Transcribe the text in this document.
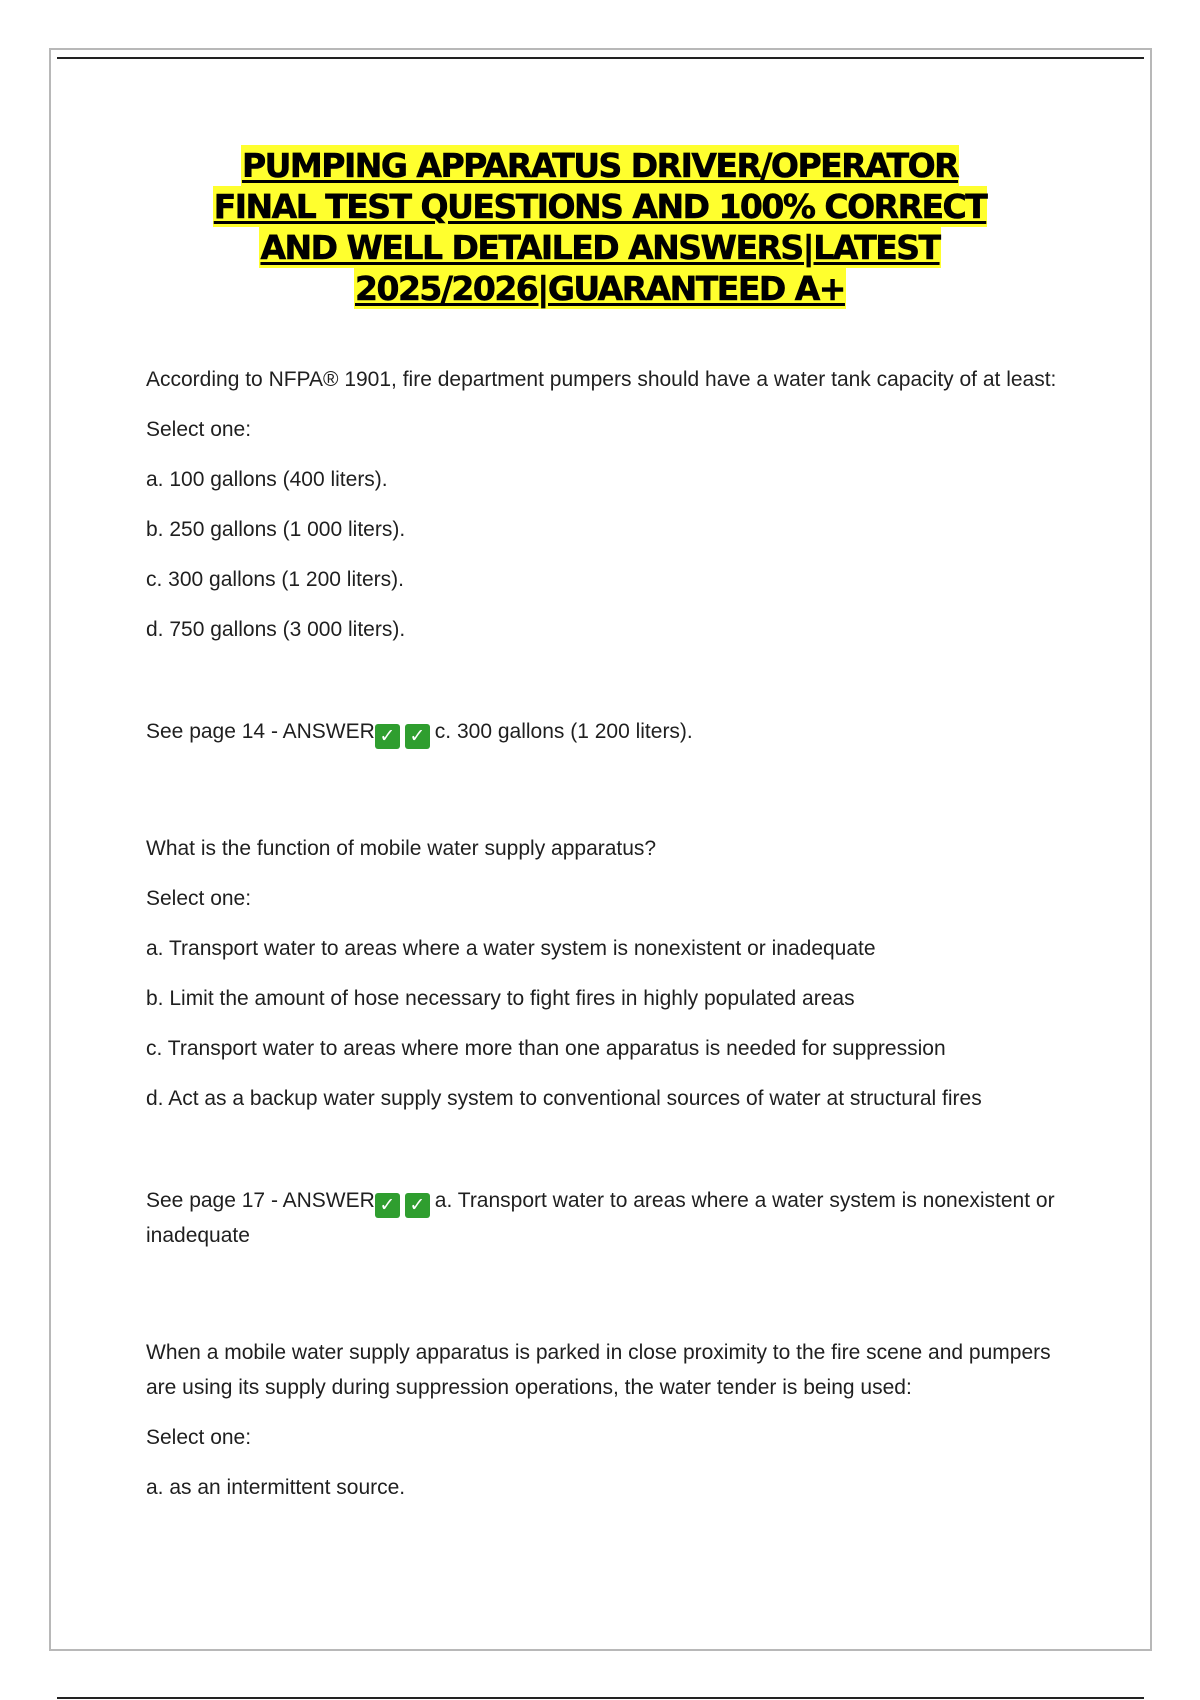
PUMPING APPARATUS DRIVER/OPERATOR
FINAL TEST QUESTIONS AND 100% CORRECT
AND WELL DETAILED ANSWERS|LATEST
2025/2026|GUARANTEED A+

According to NFPA® 1901, fire department pumpers should have a water tank capacity of at least:

Select one:

a. 100 gallons (400 liters).

b. 250 gallons (1 000 liters).

c. 300 gallons (1 200 liters).

d. 750 gallons (3 000 liters).

See page 14 - ANSWER ✓ ✓ c. 300 gallons (1 200 liters).

What is the function of mobile water supply apparatus?

Select one:

a. Transport water to areas where a water system is nonexistent or inadequate

b. Limit the amount of hose necessary to fight fires in highly populated areas

c. Transport water to areas where more than one apparatus is needed for suppression

d. Act as a backup water supply system to conventional sources of water at structural fires

See page 17 - ANSWER ✓ ✓ a. Transport water to areas where a water system is nonexistent or inadequate

When a mobile water supply apparatus is parked in close proximity to the fire scene and pumpers are using its supply during suppression operations, the water tender is being used:

Select one:

a. as an intermittent source.
